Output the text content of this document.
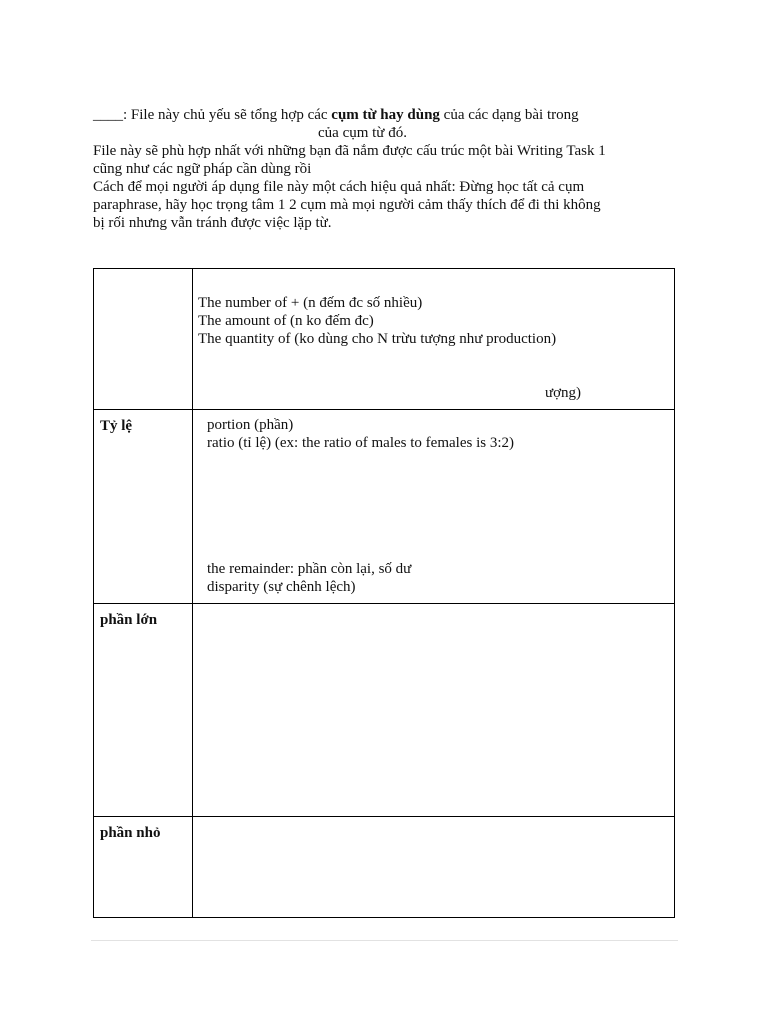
____: File này chủ yếu sẽ tổng hợp các cụm từ hay dùng của các dạng bài trong

của cụm từ đó.

File này sẽ phù hợp nhất với những bạn đã nắm được cấu trúc một bài Writing Task 1

cũng như các ngữ pháp cần dùng rồi

Cách để mọi người áp dụng file này một cách hiệu quả nhất: Đừng học tất cả cụm

paraphrase, hãy học trọng tâm 1 2 cụm mà mọi người cảm thấy thích để đi thi không

bị rối nhưng vẫn tránh được việc lặp từ.

	The number of + (n đếm đc số nhiều)
The amount of (n ko đếm đc)
The quantity of (ko dùng cho N trừu tượng như production)
ượng)

Tỷ lệ	portion (phần)
ratio (tỉ lệ) (ex: the ratio of males to females is 3:2)
the remainder: phần còn lại, số dư
disparity (sự chênh lệch)

phần lớn	

phần nhỏ	
